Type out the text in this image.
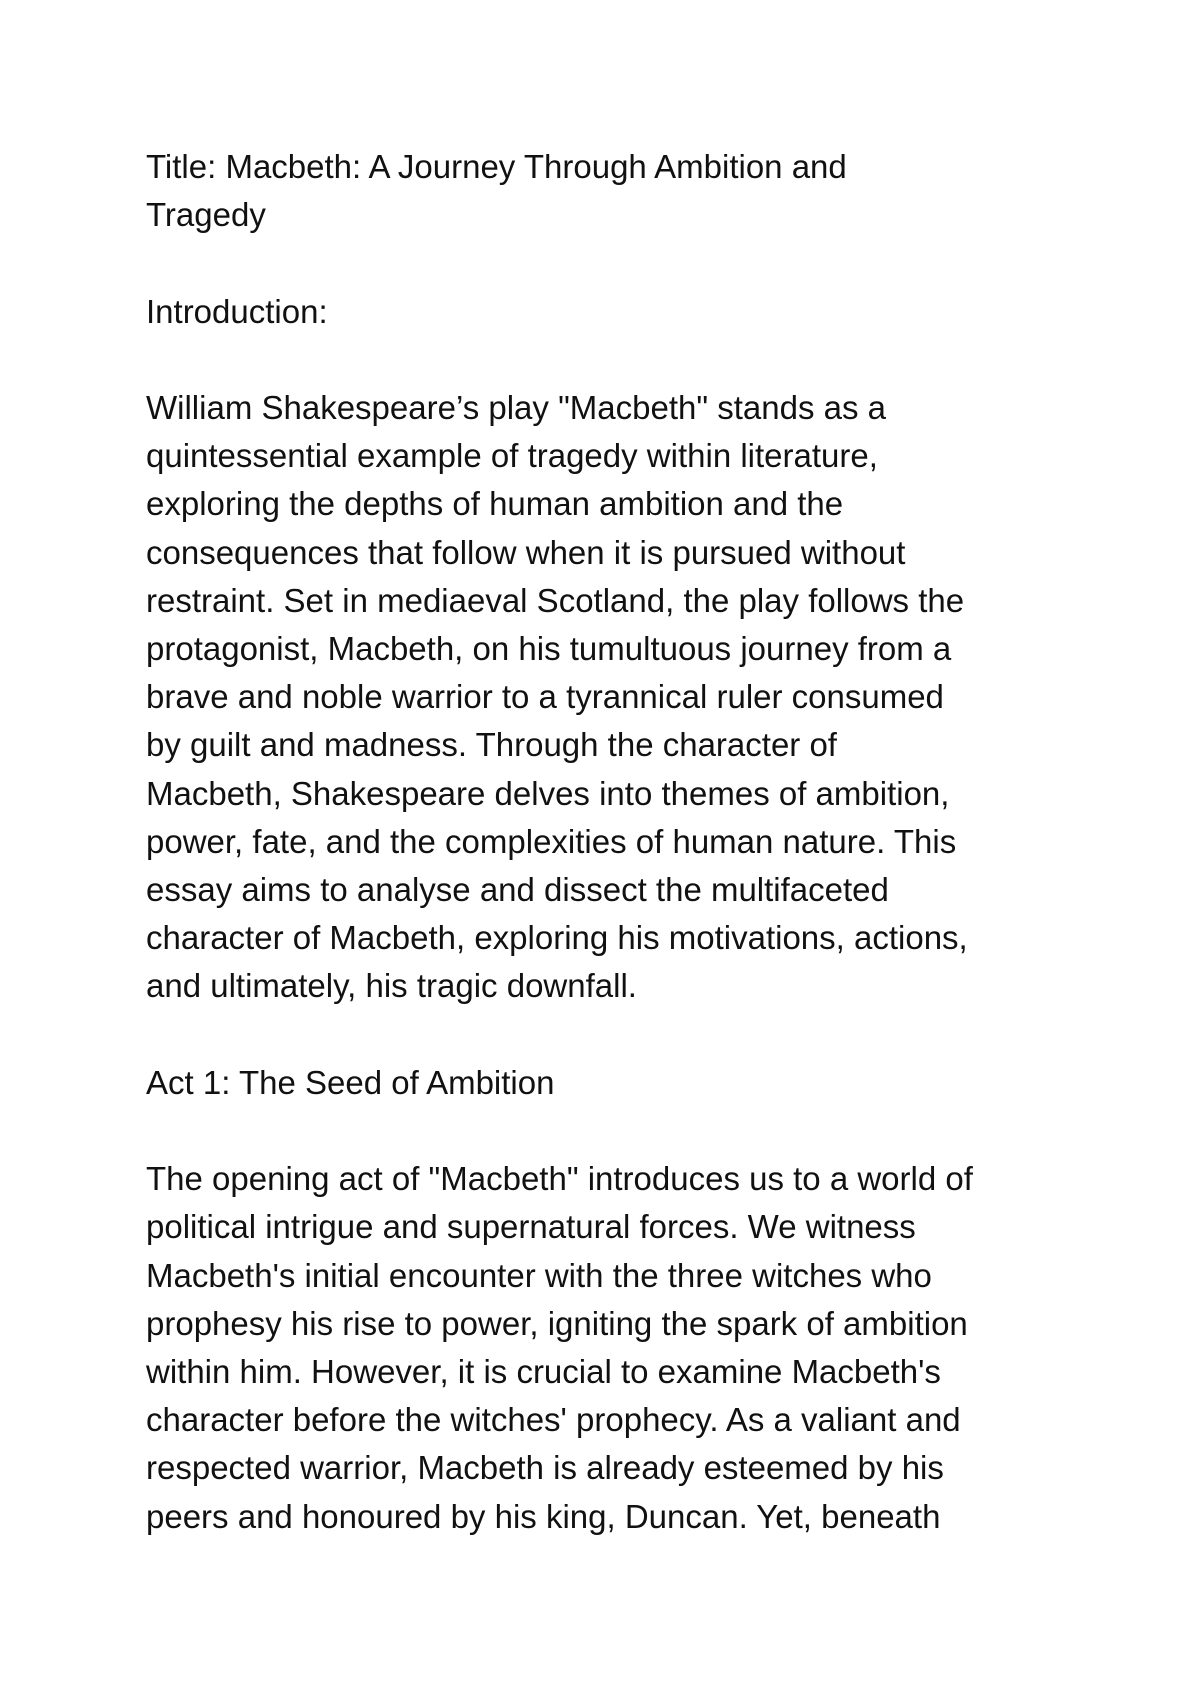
Title: Macbeth: A Journey Through Ambition and
Tragedy

Introduction:

William Shakespeare’s play "Macbeth" stands as a
quintessential example of tragedy within literature,
exploring the depths of human ambition and the
consequences that follow when it is pursued without
restraint. Set in mediaeval Scotland, the play follows the
protagonist, Macbeth, on his tumultuous journey from a
brave and noble warrior to a tyrannical ruler consumed
by guilt and madness. Through the character of
Macbeth, Shakespeare delves into themes of ambition,
power, fate, and the complexities of human nature. This
essay aims to analyse and dissect the multifaceted
character of Macbeth, exploring his motivations, actions,
and ultimately, his tragic downfall.

Act 1: The Seed of Ambition

The opening act of "Macbeth" introduces us to a world of
political intrigue and supernatural forces. We witness
Macbeth's initial encounter with the three witches who
prophesy his rise to power, igniting the spark of ambition
within him. However, it is crucial to examine Macbeth's
character before the witches' prophecy. As a valiant and
respected warrior, Macbeth is already esteemed by his
peers and honoured by his king, Duncan. Yet, beneath
